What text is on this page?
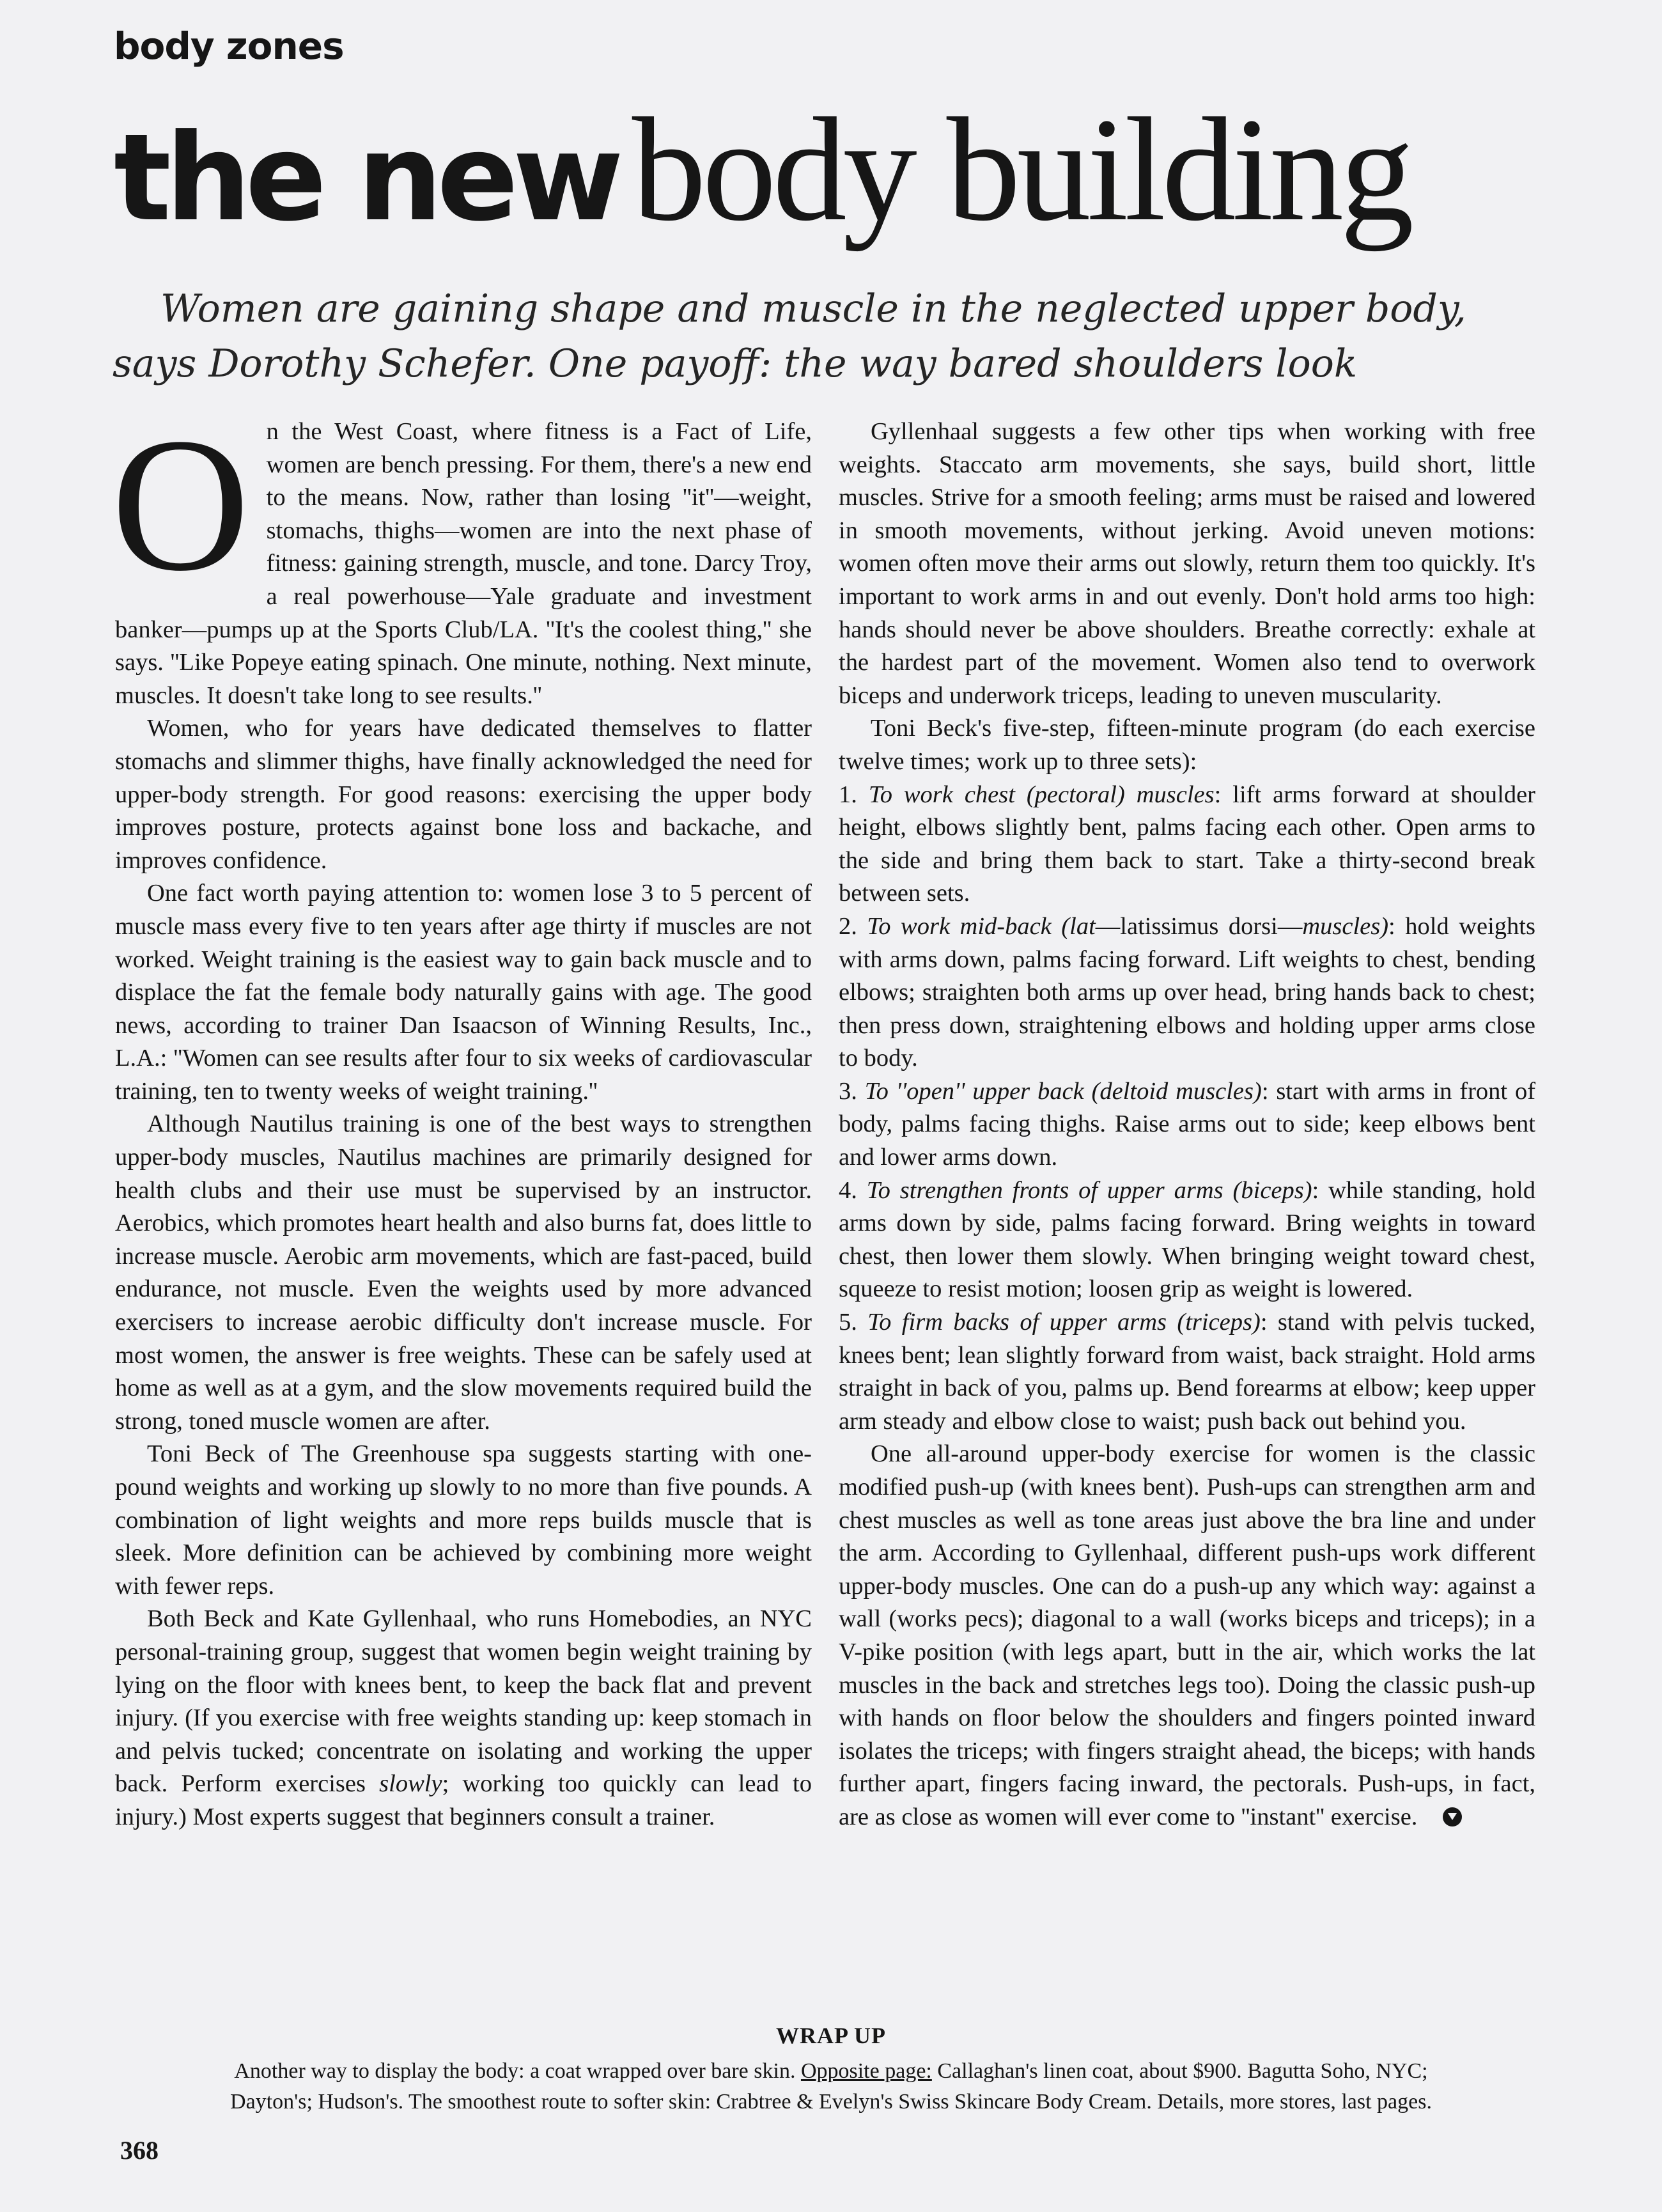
body zones
the newbody building
Women are gaining shape and muscle in the neglected upper body,
says Dorothy Schefer. One payoff: the way bared shoulders look

On the West Coast, where fitness is a Fact of Life, women are bench pressing. For them, there's a new end to the means. Now, rather than losing ''it''—weight, stomachs, thighs—women are into the next phase of fitness: gaining strength, muscle, and tone. Darcy Troy, a real powerhouse—Yale graduate and investment banker—pumps up at the Sports Club/LA. ''It's the coolest thing,'' she says. ''Like Popeye eating spinach. One minute, nothing. Next minute, muscles. It doesn't take long to see results.''

Women, who for years have dedicated themselves to flatter stomachs and slimmer thighs, have finally acknowledged the need for upper-body strength. For good reasons: exercising the upper body improves posture, protects against bone loss and backache, and improves confidence.

One fact worth paying attention to: women lose 3 to 5 percent of muscle mass every five to ten years after age thirty if muscles are not worked. Weight training is the easiest way to gain back muscle and to displace the fat the female body naturally gains with age. The good news, according to trainer Dan Isaacson of Winning Results, Inc., L.A.: ''Women can see results after four to six weeks of cardiovascular training, ten to twenty weeks of weight training.''

Although Nautilus training is one of the best ways to strengthen upper-body muscles, Nautilus machines are primarily designed for health clubs and their use must be supervised by an instructor. Aerobics, which promotes heart health and also burns fat, does little to increase muscle. Aerobic arm movements, which are fast-paced, build endurance, not muscle. Even the weights used by more advanced exercisers to increase aerobic difficulty don't increase muscle. For most women, the answer is free weights. These can be safely used at home as well as at a gym, and the slow movements required build the strong, toned muscle women are after.

Toni Beck of The Greenhouse spa suggests starting with one-pound weights and working up slowly to no more than five pounds. A combination of light weights and more reps builds muscle that is sleek. More definition can be achieved by combining more weight with fewer reps.

Both Beck and Kate Gyllenhaal, who runs Homebodies, an NYC personal-training group, suggest that women begin weight training by lying on the floor with knees bent, to keep the back flat and prevent injury. (If you exercise with free weights standing up: keep stomach in and pelvis tucked; concentrate on isolating and working the upper back. Perform exercises slowly; working too quickly can lead to injury.) Most experts suggest that beginners consult a trainer.

Gyllenhaal suggests a few other tips when working with free weights. Staccato arm movements, she says, build short, little muscles. Strive for a smooth feeling; arms must be raised and lowered in smooth movements, without jerking. Avoid uneven motions: women often move their arms out slowly, return them too quickly. It's important to work arms in and out evenly. Don't hold arms too high: hands should never be above shoulders. Breathe correctly: exhale at the hardest part of the movement. Women also tend to overwork biceps and underwork triceps, leading to uneven muscularity.

Toni Beck's five-step, fifteen-minute program (do each exercise twelve times; work up to three sets):

1. To work chest (pectoral) muscles: lift arms forward at shoulder height, elbows slightly bent, palms facing each other. Open arms to the side and bring them back to start. Take a thirty-second break between sets.

2. To work mid-back (lat—latissimus dorsi—muscles): hold weights with arms down, palms facing forward. Lift weights to chest, bending elbows; straighten both arms up over head, bring hands back to chest; then press down, straightening elbows and holding upper arms close to body.

3. To ''open'' upper back (deltoid muscles): start with arms in front of body, palms facing thighs. Raise arms out to side; keep elbows bent and lower arms down.

4. To strengthen fronts of upper arms (biceps): while standing, hold arms down by side, palms facing forward. Bring weights in toward chest, then lower them slowly. When bringing weight toward chest, squeeze to resist motion; loosen grip as weight is lowered.

5. To firm backs of upper arms (triceps): stand with pelvis tucked, knees bent; lean slightly forward from waist, back straight. Hold arms straight in back of you, palms up. Bend forearms at elbow; keep upper arm steady and elbow close to waist; push back out behind you.

One all-around upper-body exercise for women is the classic modified push-up (with knees bent). Push-ups can strengthen arm and chest muscles as well as tone areas just above the bra line and under the arm. According to Gyllenhaal, different push-ups work different upper-body muscles. One can do a push-up any which way: against a wall (works pecs); diagonal to a wall (works biceps and triceps); in a V-pike position (with legs apart, butt in the air, which works the lat muscles in the back and stretches legs too). Doing the classic push-up with hands on floor below the shoulders and fingers pointed inward isolates the triceps; with fingers straight ahead, the biceps; with hands further apart, fingers facing inward, the pectorals. Push-ups, in fact, are as close as women will ever come to ''instant'' exercise.

WRAP UP
Another way to display the body: a coat wrapped over bare skin. Opposite page: Callaghan's linen coat, about $900. Bagutta Soho, NYC;
Dayton's; Hudson's. The smoothest route to softer skin: Crabtree & Evelyn's Swiss Skincare Body Cream. Details, more stores, last pages.
368
